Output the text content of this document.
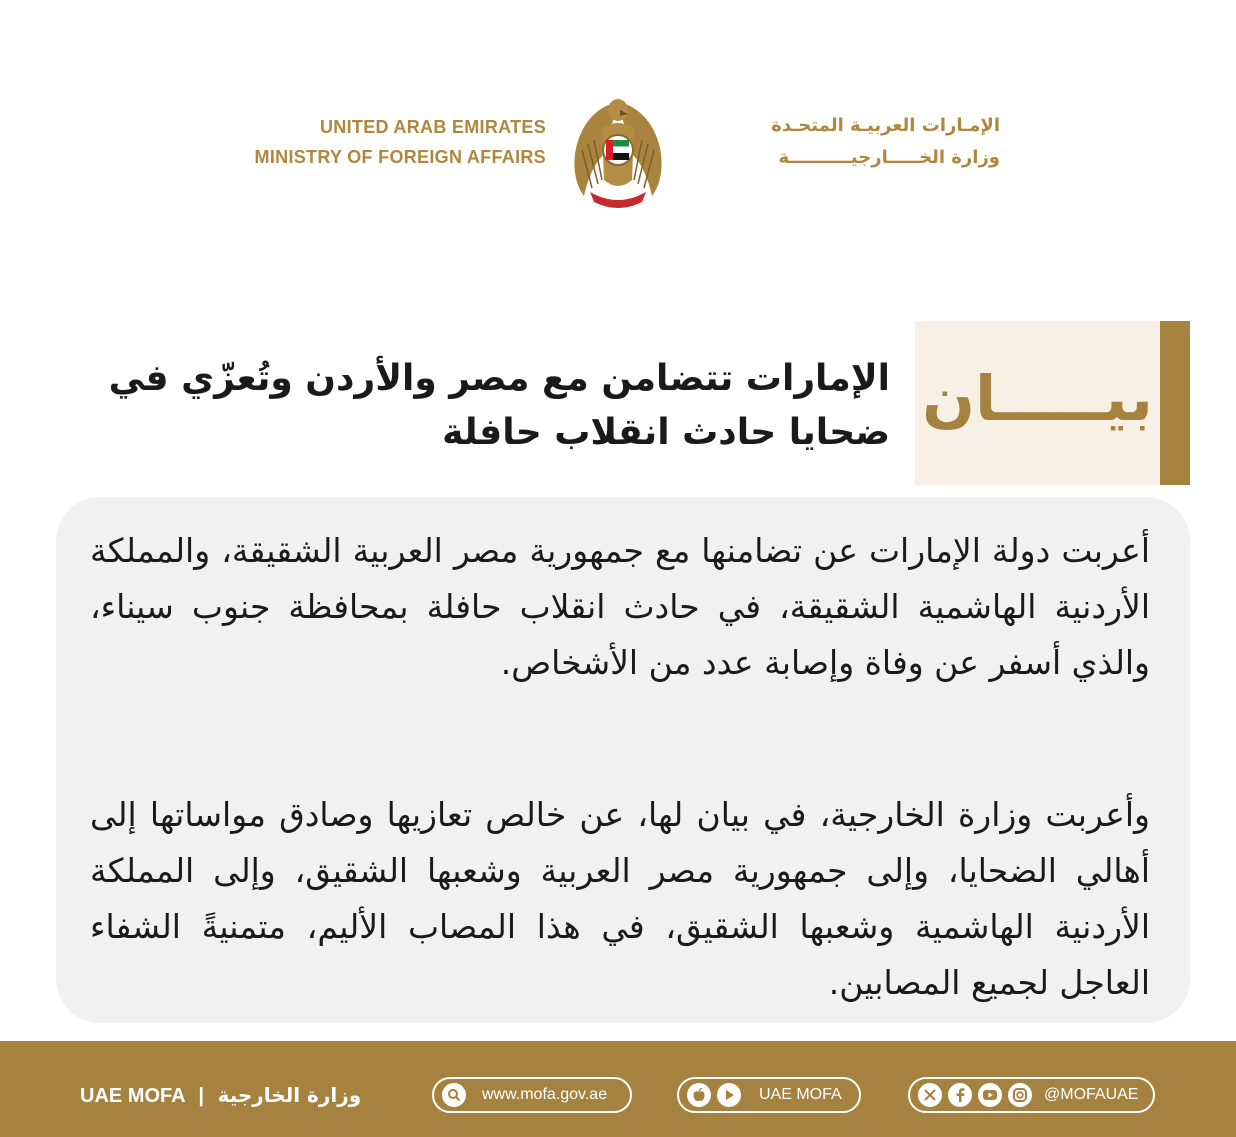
UNITED ARAB EMIRATES
MINISTRY OF FOREIGN AFFAIRS
الإمـارات العربيـة المتحـدة
وزارة الخـــــارجيــــــــــة
بيـــــان
الإمارات تتضامن مع مصر والأردن وتُعزّي في ضحايا حادث انقلاب حافلة

أعربت دولة الإمارات عن تضامنها مع جمهورية مصر العربية الشقيقة، والمملكة الأردنية الهاشمية الشقيقة، في حادث انقلاب حافلة بمحافظة جنوب سيناء، والذي أسفر عن وفاة وإصابة عدد من الأشخاص.

وأعربت وزارة الخارجية، في بيان لها، عن خالص تعازيها وصادق مواساتها إلى أهالي الضحايا، وإلى جمهورية مصر العربية وشعبها الشقيق، وإلى المملكة الأردنية الهاشمية وشعبها الشقيق، في هذا المصاب الأليم، متمنيةً الشفاء العاجل لجميع المصابين.

UAE MOFA | وزارة الخارجية	www.mofa.gov.ae	UAE MOFA	@MOFAUAE
